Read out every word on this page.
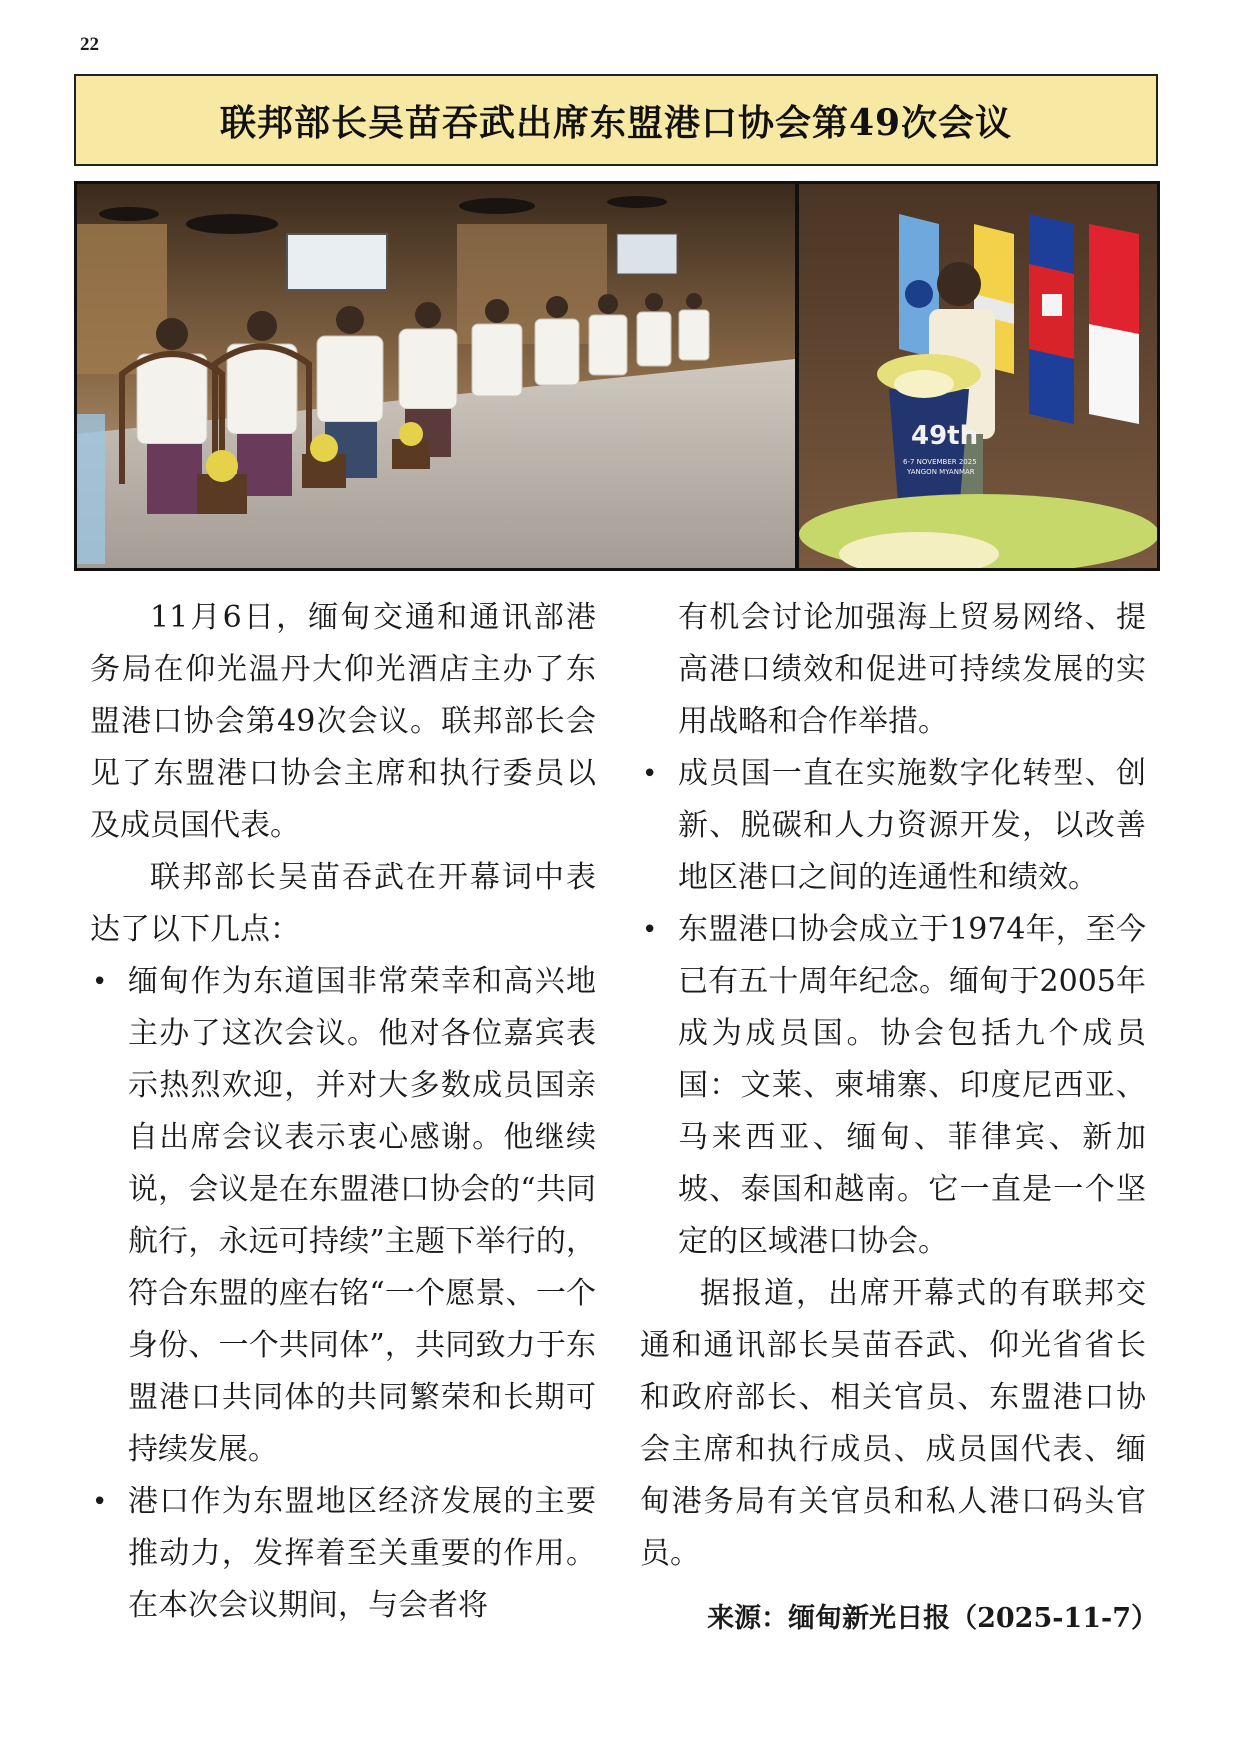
22
联邦部长吴苗吞武出席东盟港口协会第49次会议
49th
6-7 NOVEMBER 2025
YANGON MYANMAR

11月6日，缅甸交通和通讯部港务局在仰光温丹大仰光酒店主办了东盟港口协会第49次会议。联邦部长会见了东盟港口协会主席和执行委员以及成员国代表。

联邦部长吴苗吞武在开幕词中表达了以下几点：

• 缅甸作为东道国非常荣幸和高兴地主办了这次会议。他对各位嘉宾表示热烈欢迎，并对大多数成员国亲自出席会议表示衷心感谢。他继续说，会议是在东盟港口协会的“共同航行，永远可持续”主题下举行的，符合东盟的座右铭“一个愿景、一个身份、一个共同体”，共同致力于东盟港口共同体的共同繁荣和长期可持续发展。
• 港口作为东盟地区经济发展的主要推动力，发挥着至关重要的作用。在本次会议期间，与会者将

有机会讨论加强海上贸易网络、提高港口绩效和促进可持续发展的实用战略和合作举措。

• 成员国一直在实施数字化转型、创新、脱碳和人力资源开发，以改善地区港口之间的连通性和绩效。
• 东盟港口协会成立于1974年，至今已有五十周年纪念。缅甸于2005年成为成员国。协会包括九个成员国：文莱、柬埔寨、印度尼西亚、马来西亚、缅甸、菲律宾、新加坡、泰国和越南。它一直是一个坚定的区域港口协会。

据报道，出席开幕式的有联邦交通和通讯部长吴苗吞武、仰光省省长和政府部长、相关官员、东盟港口协会主席和执行成员、成员国代表、缅甸港务局有关官员和私人港口码头官员。

来源：缅甸新光日报（2025-11-7）
